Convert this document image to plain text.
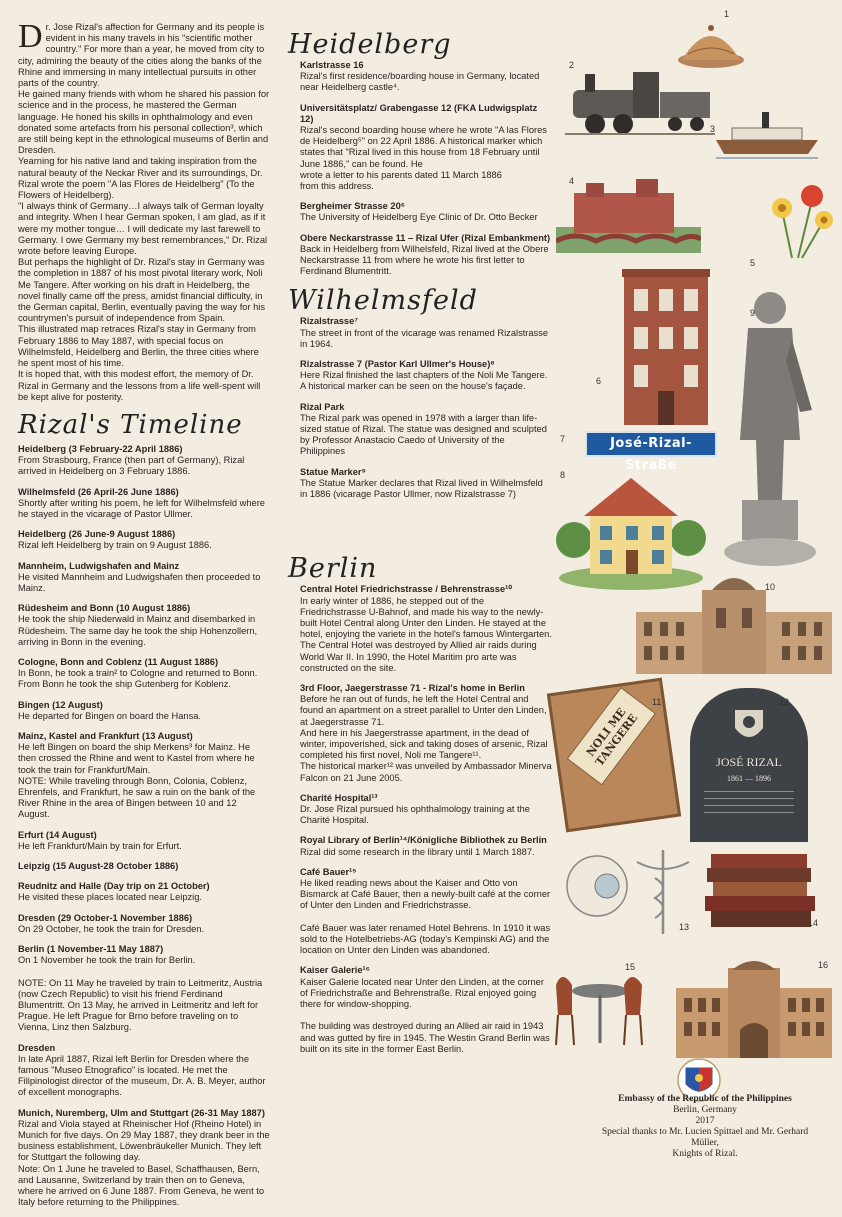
Dr. Jose Rizal's affection for Germany and its people is evident in his many travels in his "scientific mother country." For more than a year, he moved from city to city, admiring the beauty of the cities along the banks of the Rhine and immersing in many intellectual pursuits in other parts of the country.

He gained many friends with whom he shared his passion for science and in the process, he mastered the German language. He honed his skills in ophthalmology and even donated some artefacts from his personal collection³, which are still being kept in the ethnological museums of Berlin and Dresden.

Yearning for his native land and taking inspiration from the natural beauty of the Neckar River and its surroundings, Dr. Rizal wrote the poem "A las Flores de Heidelberg" (To the Flowers of Heidelberg).

"I always think of Germany…I always talk of German loyalty and integrity. When I hear German spoken, I am glad, as if it were my mother tongue… I will dedicate my last farewell to Germany. I owe Germany my best remembrances," Dr. Rizal wrote before leaving Europe.

But perhaps the highlight of Dr. Rizal's stay in Germany was the completion in 1887 of his most pivotal literary work, Noli Me Tangere. After working on his draft in Heidelberg, the novel finally came off the press, amidst financial difficulty, in the German capital, Berlin, eventually paving the way for his countrymen's pursuit of independence from Spain.

This illustrated map retraces Rizal's stay in Germany from February 1886 to May 1887, with special focus on Wilhelmsfeld, Heidelberg and Berlin, the three cities where he spent most of his time.

It is hoped that, with this modest effort, the memory of Dr. Rizal in Germany and the lessons from a life well-spent will be kept alive for posterity.

Rizal's Timeline
Heidelberg (3 February-22 April 1886)
From Strasbourg, France (then part of Germany), Rizal arrived in Heidelberg on 3 February 1886.
Wilhelmsfeld (26 April-26 June 1886)
Shortly after writing his poem, he left for Wilhelmsfeld where he stayed in the vicarage of Pastor Ullmer.
Heidelberg (26 June-9 August 1886)
Rizal left Heidelberg by train on 9 August 1886.
Mannheim, Ludwigshafen and Mainz
He visited Mannheim and Ludwigshafen then proceeded to Mainz.
Rüdesheim and Bonn (10 August 1886)
He took the ship Niederwald in Mainz and disembarked in Rüdesheim. The same day he took the ship Hohenzollern, arriving in Bonn in the evening.
Cologne, Bonn and Coblenz (11 August 1886)
In Bonn, he took a train² to Cologne and returned to Bonn. From Bonn he took the ship Gutenberg for Koblenz.
Bingen (12 August)
He departed for Bingen on board the Hansa.
Mainz, Kastel and Frankfurt (13 August)
He left Bingen on board the ship Merkens³ for Mainz. He then crossed the Rhine and went to Kastel from where he took the train for Frankfurt/Main.
NOTE: While traveling through Bonn, Colonia, Coblenz, Ehrenfels, and Frankfurt, he saw a ruin on the bank of the River Rhine in the area of Bingen between 10 and 12 August.
Erfurt (14 August)
He left Frankfurt/Main by train for Erfurt.
Leipzig (15 August-28 October 1886)
Reudnitz and Halle (Day trip on 21 October)
He visited these places located near Leipzig.
Dresden (29 October-1 November 1886)
On 29 October, he took the train for Dresden.
Berlin (1 November-11 May 1887)
On 1 November he took the train for Berlin.

NOTE: On 11 May he traveled by train to Leitmeritz, Austria (now Czech Republic) to visit his friend Ferdinand Blumentritt. On 13 May, he arrived in Leitmeritz and left for Prague. He left Prague for Brno before traveling on to Vienna, Linz then Salzburg.
Dresden
In late April 1887, Rizal left Berlin for Dresden where the famous "Museo Etnografico" is located. He met the Filipinologist director of the museum, Dr. A. B. Meyer, author of excellent monographs.
Munich, Nuremberg, Ulm and Stuttgart (26-31 May 1887)
Rizal and Viola stayed at Rheinischer Hof (Rheino Hotel) in Munich for five days. On 29 May 1887, they drank beer in the business establishment, Löwenbräukeller Munich. They left for Stuttgart the following day.
Note: On 1 June he traveled to Basel, Schaffhausen, Bern, and Lausanne, Switzerland by train then on to Geneva, where he arrived on 6 June 1887. From Geneva, he went to Italy before returning to the Philippines.
Heidelberg
Karlstrasse 16
Rizal's first residence/boarding house in Germany, located near Heidelberg castle⁴.
Universitätsplatz/ Grabengasse 12 (FKA Ludwigsplatz 12)
Rizal's second boarding house where he wrote "A las Flores de Heidelberg⁵" on 22 April 1886. A historical marker which states that "Rizal lived in this house from 18 February until June 1886," can be found. He
wrote a letter to his parents dated 11 March 1886
from this address.
Bergheimer Strasse 20⁶
The University of Heidelberg Eye Clinic of Dr. Otto Becker
Obere Neckarstrasse 11 – Rizal Ufer (Rizal Embankment)
Back in Heidelberg from Wilhelsfeld, Rizal lived at the Obere Neckarstrasse 11 from where he wrote his first letter to Ferdinand Blumentritt.
Wilhelmsfeld
Rizalstrasse⁷
The street in front of the vicarage was renamed Rizalstrasse in 1964.
Rizalstrasse 7 (Pastor Karl Ullmer's House)⁸
Here Rizal finished the last chapters of the Noli Me Tangere. A historical marker can be seen on the house's façade.
Rizal Park
The Rizal park was opened in 1978 with a larger than life-sized statue of Rizal. The statue was designed and sculpted by Professor Anastacio Caedo of University of the Philippines
Statue Marker⁹
The Statue Marker declares that Rizal lived in Wilhelmsfeld in 1886 (vicarage Pastor Ullmer, now Rizalstrasse 7)
Berlin
Central Hotel Friedrichstrasse / Behrenstrasse¹⁰
In early winter of 1886, he stepped out of the Friedrichstrasse U-Bahnof, and made his way to the newly-built Hotel Central along Unter den Linden. He stayed at the hotel, enjoying the varietе in the hotel's famous Wintergarten.
The Central Hotel was destroyed by Allied air raids during World War II. In 1990, the Hotel Maritim pro arte was constructed on the site.
3rd Floor, Jaegerstrasse 71 - Rizal's home in Berlin
Before he ran out of funds, he left the Hotel Central and found an apartment on a street parallel to Unter den Linden, at Jaegerstrasse 71.
And here in his Jaegerstrasse apartment, in the dead of winter, impoverished, sick and taking doses of arsenic, Rizal completed his first novel, Noli me Tangere¹¹.
The historical marker¹² was unveiled by Ambassador Minerva Falcon on 21 June 2005.
Charité Hospital¹³
Dr. Jose Rizal pursued his ophthalmology training at the Charité Hospital.
Royal Library of Berlin¹⁴/Königliche Bibliothek zu Berlin
Rizal did some research in the library until 1 March 1887.
Café Bauer¹⁵
He liked reading news about the Kaiser and Otto von Bismarck at Café Bauer, then a newly-built café at the corner of Unter den Linden and Friedrichstrasse.

Café Bauer was later renamed Hotel Behrens. In 1910 it was sold to the Hotelbetriebs-AG (today's Kempinski AG) and the location on Unter den Linden was abandoned.
Kaiser Galerie¹⁶
Kaiser Galerie located near Unter den Linden, at the corner of Friedrichstraße and Behrenstraße. Rizal enjoyed going there for window-shopping.

The building was destroyed during an Allied air raid in 1943 and was gutted by fire in 1945. The Westin Grand Berlin was built on its site in the former East Berlin.
José-Rizal-Straße
NOLI ME TANGERE	JOSÉ RIZAL
1861 — 1896
1
2
3
4
5
6
7
8
9
10
11	12
13	14
15	16
Embassy of the Republic of the Philippines
Berlin, Germany
2017
Special thanks to Mr. Lucien Spittael and Mr. Gerhard Müller,
Knights of Rizal.
